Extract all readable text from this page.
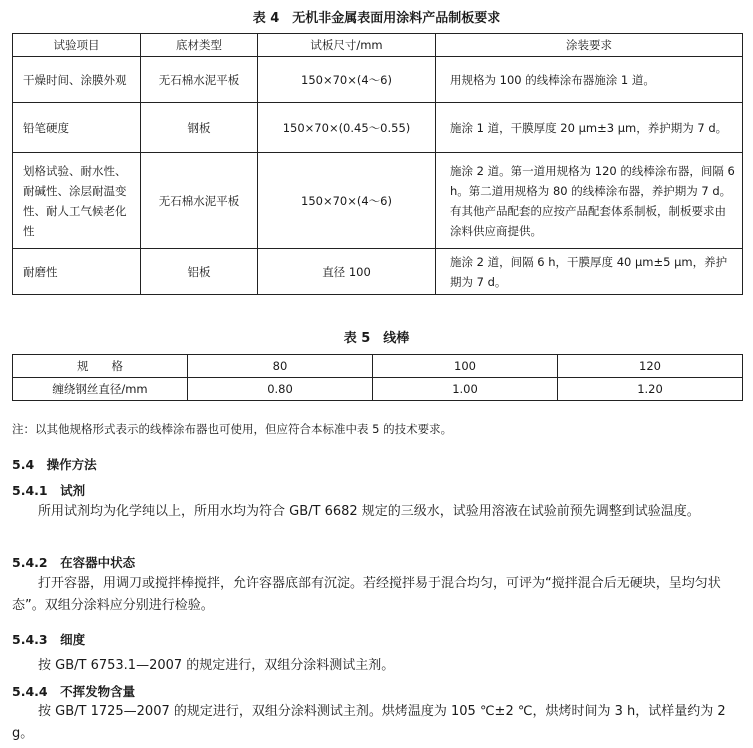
表 4　无机非金属表面用涂料产品制板要求
试验项目	底材类型	试板尺寸/mm	涂装要求
干燥时间、涂膜外观	无石棉水泥平板	150×70×(4～6)	用规格为 100 的线棒涂布器施涂 1 道。
铅笔硬度	钢板	150×70×(0.45～0.55)	施涂 1 道，干膜厚度 20 μm±3 μm，养护期为 7 d。
划格试验、耐水性、耐碱性、涂层耐温变性、耐人工气候老化性	无石棉水泥平板	150×70×(4～6)	施涂 2 道。第一道用规格为 120 的线棒涂布器，间隔 6 h。第二道用规格为 80 的线棒涂布器，养护期为 7 d。有其他产品配套的应按产品配套体系制板，制板要求由涂料供应商提供。
耐磨性	铝板	直径 100	施涂 2 道，间隔 6 h，干膜厚度 40 μm±5 μm，养护期为 7 d。
表 5　线棒
规　　格	80	100	120
缠绕钢丝直径/mm	0.80	1.00	1.20
注：以其他规格形式表示的线棒涂布器也可使用，但应符合本标准中表 5 的技术要求。
5.4　操作方法
5.4.1　试剂
所用试剂均为化学纯以上，所用水均为符合 GB/T 6682 规定的三级水，试验用溶液在试验前预先调整到试验温度。
5.4.2　在容器中状态
打开容器，用调刀或搅拌棒搅拌，允许容器底部有沉淀。若经搅拌易于混合均匀，可评为“搅拌混合后无硬块，呈均匀状态”。双组分涂料应分别进行检验。
5.4.3　细度
按 GB/T 6753.1—2007 的规定进行，双组分涂料测试主剂。
5.4.4　不挥发物含量
按 GB/T 1725—2007 的规定进行，双组分涂料测试主剂。烘烤温度为 105 ℃±2 ℃，烘烤时间为 3 h，试样量约为 2 g。
